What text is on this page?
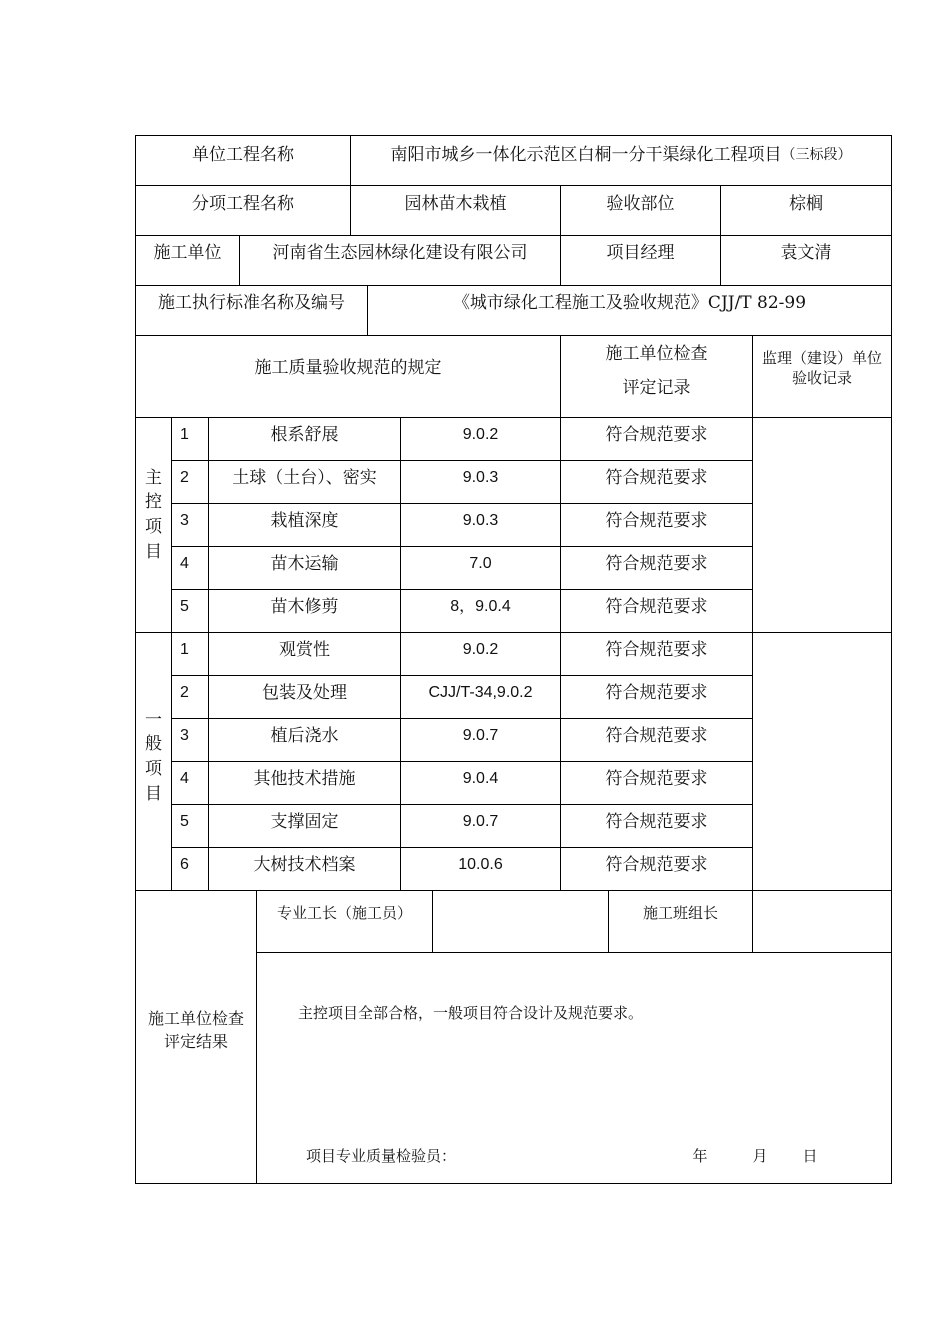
单位工程名称	南阳市城乡一体化示范区白桐一分干渠绿化工程项目 （三标段）
分项工程名称	园林苗木栽植	验收部位	棕榈
施工单位	河南省生态园林绿化建设有限公司	项目经理	袁文清
施工执行标准名称及编号	《城市绿化工程施工及验收规范》CJJ/T 82-99
施工质量验收规范的规定
施工单位检查
评定记录
监理（建设）单位验收记录
主
控
项
目
一
般
项
目
1	根系舒展	9.0.2	符合规范要求
2	土球（土台）、密实	9.0.3	符合规范要求
3	栽植深度	9.0.3	符合规范要求
4	苗木运输	7.0	符合规范要求
5	苗木修剪	8，9.0.4	符合规范要求
1	观赏性	9.0.2	符合规范要求
2	包装及处理	CJJ/T-34,9.0.2	符合规范要求
3	植后浇水	9.0.7	符合规范要求
4	其他技术措施	9.0.4	符合规范要求
5	支撑固定	9.0.7	符合规范要求
6	大树技术档案	10.0.6	符合规范要求
施工单位检查
评定结果
专业工长（施工员）	施工班组长
主控项目全部合格，一般项目符合设计及规范要求。
项目专业质量检验员：	年	月 日
